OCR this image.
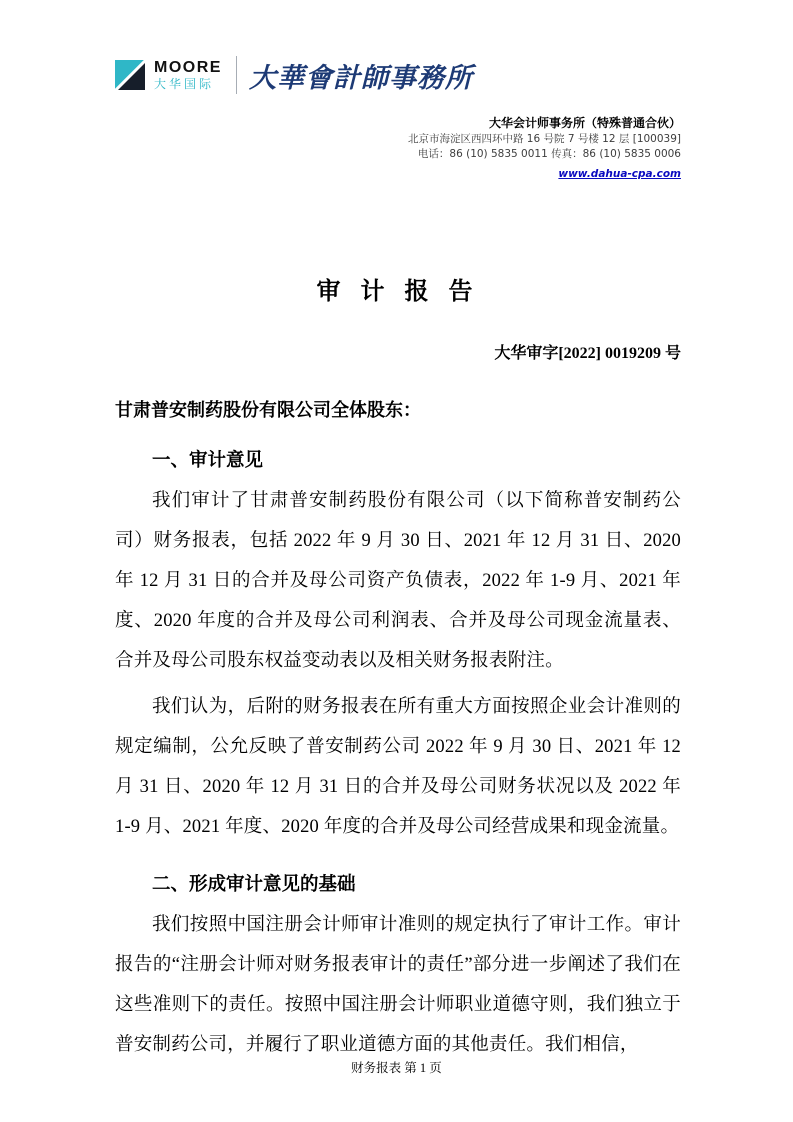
MOORE
大华国际 大華會計師事務所
大华会计师事务所（特殊普通合伙）
北京市海淀区西四环中路 16 号院 7 号楼 12 层 [100039]
电话：86 (10) 5835 0011 传真：86 (10) 5835 0006
www.dahua-cpa.com
审 计 报 告
大华审字[2022] 0019209 号
甘肃普安制药股份有限公司全体股东：
一、审计意见

我们审计了甘肃普安制药股份有限公司（以下简称普安制药公司）财务报表，包括 2022 年 9 月 30 日、2021 年 12 月 31 日、2020 年 12 月 31 日的合并及母公司资产负债表，2022 年 1-9 月、2021 年度、2020 年度的合并及母公司利润表、合并及母公司现金流量表、合并及母公司股东权益变动表以及相关财务报表附注。

我们认为，后附的财务报表在所有重大方面按照企业会计准则的规定编制，公允反映了普安制药公司 2022 年 9 月 30 日、2021 年 12 月 31 日、2020 年 12 月 31 日的合并及母公司财务状况以及 2022 年 1-9 月、2021 年度、2020 年度的合并及母公司经营成果和现金流量。

二、形成审计意见的基础

我们按照中国注册会计师审计准则的规定执行了审计工作。审计报告的“注册会计师对财务报表审计的责任”部分进一步阐述了我们在这些准则下的责任。按照中国注册会计师职业道德守则，我们独立于普安制药公司，并履行了职业道德方面的其他责任。我们相信，

财务报表 第 1 页
